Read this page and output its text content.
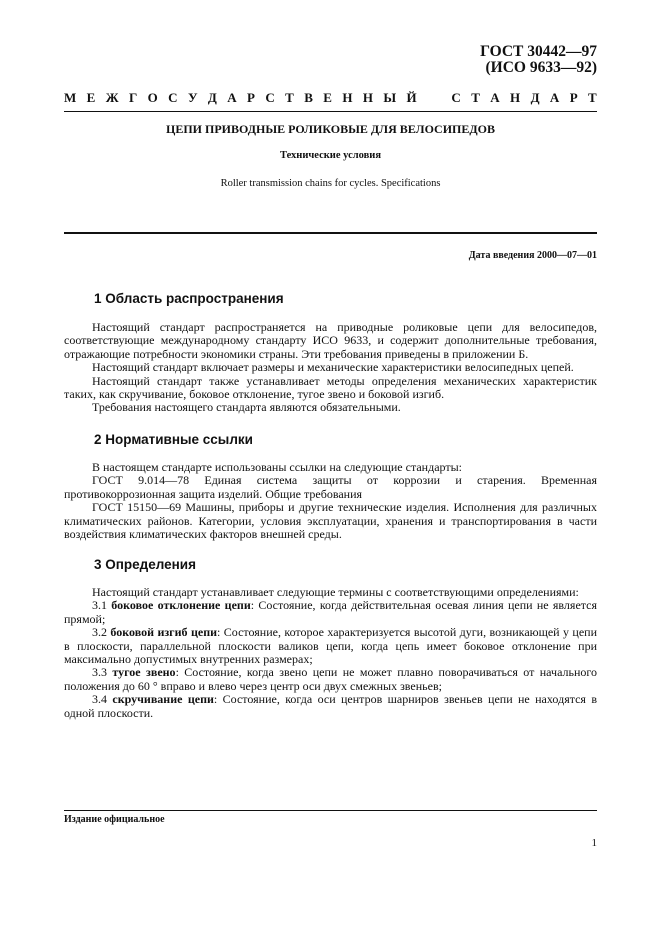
ГОСТ 30442—97
(ИСО 9633—92)
М Е Ж Г О С У Д А Р С Т В Е Н Н Ы Й	С Т А Н Д А Р Т
ЦЕПИ ПРИВОДНЫЕ РОЛИКОВЫЕ ДЛЯ ВЕЛОСИПЕДОВ
Технические условия
Roller transmission chains for cycles. Specifications
Дата введения 2000—07—01
1 Область распространения

Настоящий стандарт распространяется на приводные роликовые цепи для велосипедов, соответствующие международному стандарту ИСО 9633, и содержит дополнительные требования, отражающие потребности экономики страны. Эти требования приведены в приложении Б.

Настоящий стандарт включает размеры и механические характеристики велосипедных цепей.

Настоящий стандарт также устанавливает методы определения механических характеристик таких, как скручивание, боковое отклонение, тугое звено и боковой изгиб.

Требования настоящего стандарта являются обязательными.

2 Нормативные ссылки

В настоящем стандарте использованы ссылки на следующие стандарты:

ГОСТ 9.014—78 Единая система защиты от коррозии и старения. Временная противокоррозионная защита изделий. Общие требования

ГОСТ 15150—69 Машины, приборы и другие технические изделия. Исполнения для различных климатических районов. Категории, условия эксплуатации, хранения и транспортирования в части воздействия климатических факторов внешней среды.

3 Определения

Настоящий стандарт устанавливает следующие термины с соответствующими определениями:

3.1 боковое отклонение цепи: Состояние, когда действительная осевая линия цепи не является прямой;

3.2 боковой изгиб цепи: Состояние, которое характеризуется высотой дуги, возникающей у цепи в плоскости, параллельной плоскости валиков цепи, когда цепь имеет боковое отклонение при максимально допустимых внутренних размерах;

3.3 тугое звено: Состояние, когда звено цепи не может плавно поворачиваться от начального положения до 60 ° вправо и влево через центр оси двух смежных звеньев;

3.4 скручивание цепи: Состояние, когда оси центров шарниров звеньев цепи не находятся в одной плоскости.

Издание официальное
1
